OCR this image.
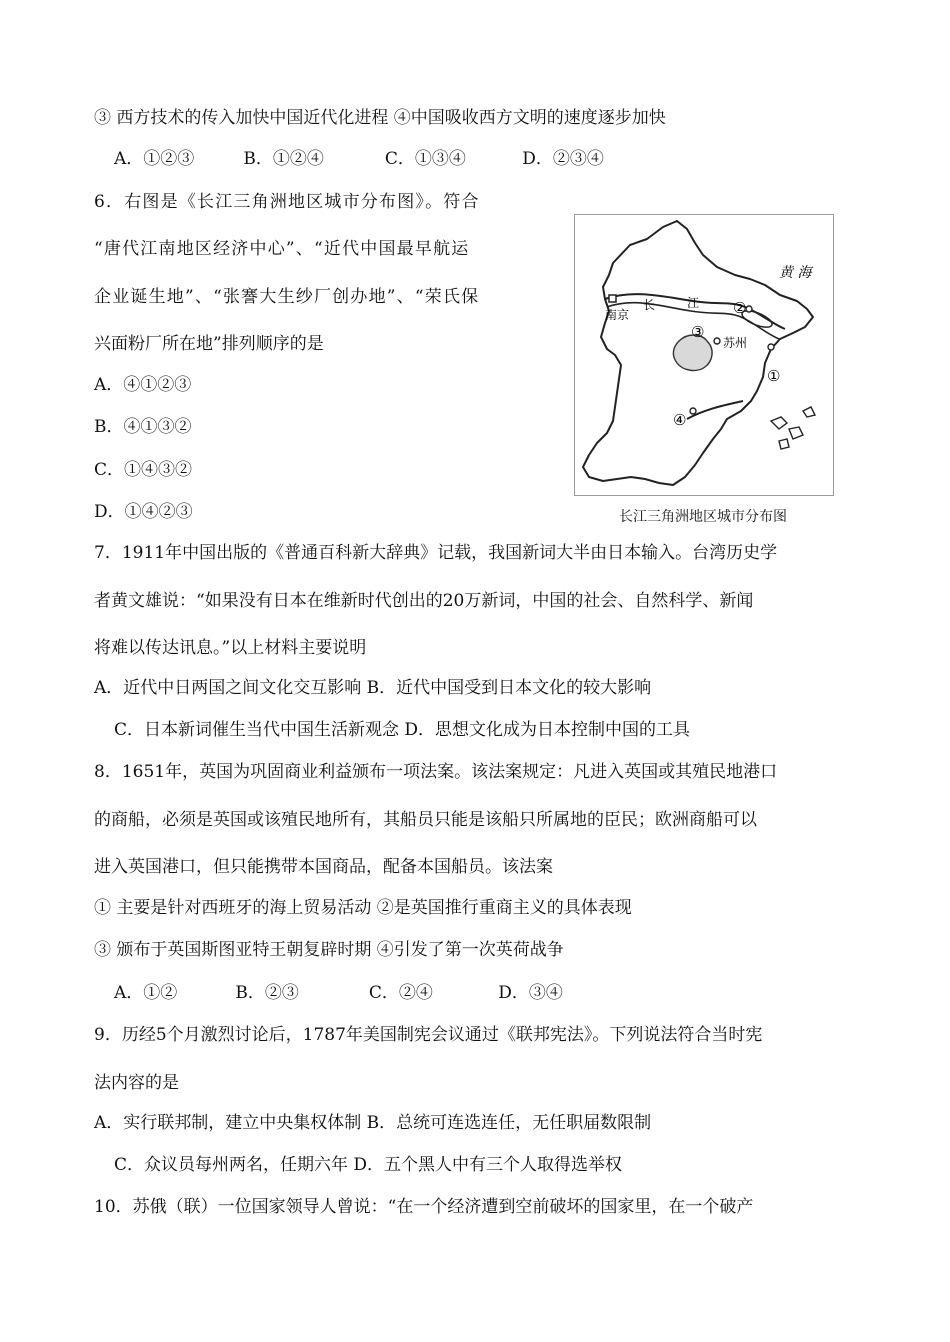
③ 西方技术的传入加快中国近代化进程 ④中国吸收西方文明的速度逐步加快
A．①②③	B．①②④	C．①③④	D．②③④
6．右图是《长江三角洲地区城市分布图》。符合
“唐代江南地区经济中心”、“近代中国最早航运
企业诞生地”、“张謇大生纱厂创办地”、“荣氏保
兴面粉厂所在地”排列顺序的是
A．④①②③
B．④①③②
C．①④③②
D．①④②③
黄 海
长	江
南京
苏州
①
②
③
④
长江三角洲地区城市分布图
7．1911年中国出版的《普通百科新大辞典》记载，我国新词大半由日本输入。台湾历史学
者黄文雄说：“如果没有日本在维新时代创出的20万新词，中国的社会、自然科学、新闻
将难以传达讯息。”以上材料主要说明
A．近代中日两国之间文化交互影响 B．近代中国受到日本文化的较大影响
C．日本新词催生当代中国生活新观念 D．思想文化成为日本控制中国的工具
8．1651年，英国为巩固商业利益颁布一项法案。该法案规定：凡进入英国或其殖民地港口
的商船，必须是英国或该殖民地所有，其船员只能是该船只所属地的臣民；欧洲商船可以
进入英国港口，但只能携带本国商品，配备本国船员。该法案
① 主要是针对西班牙的海上贸易活动 ②是英国推行重商主义的具体表现
③ 颁布于英国斯图亚特王朝复辟时期 ④引发了第一次英荷战争
A．①②	B．②③	C．②④	D．③④
9．历经5个月激烈讨论后，1787年美国制宪会议通过《联邦宪法》。下列说法符合当时宪
法内容的是
A．实行联邦制，建立中央集权体制 B．总统可连选连任，无任职届数限制
C．众议员每州两名，任期六年 D．五个黑人中有三个人取得选举权
10．苏俄（联）一位国家领导人曾说：“在一个经济遭到空前破坏的国家里，在一个破产
